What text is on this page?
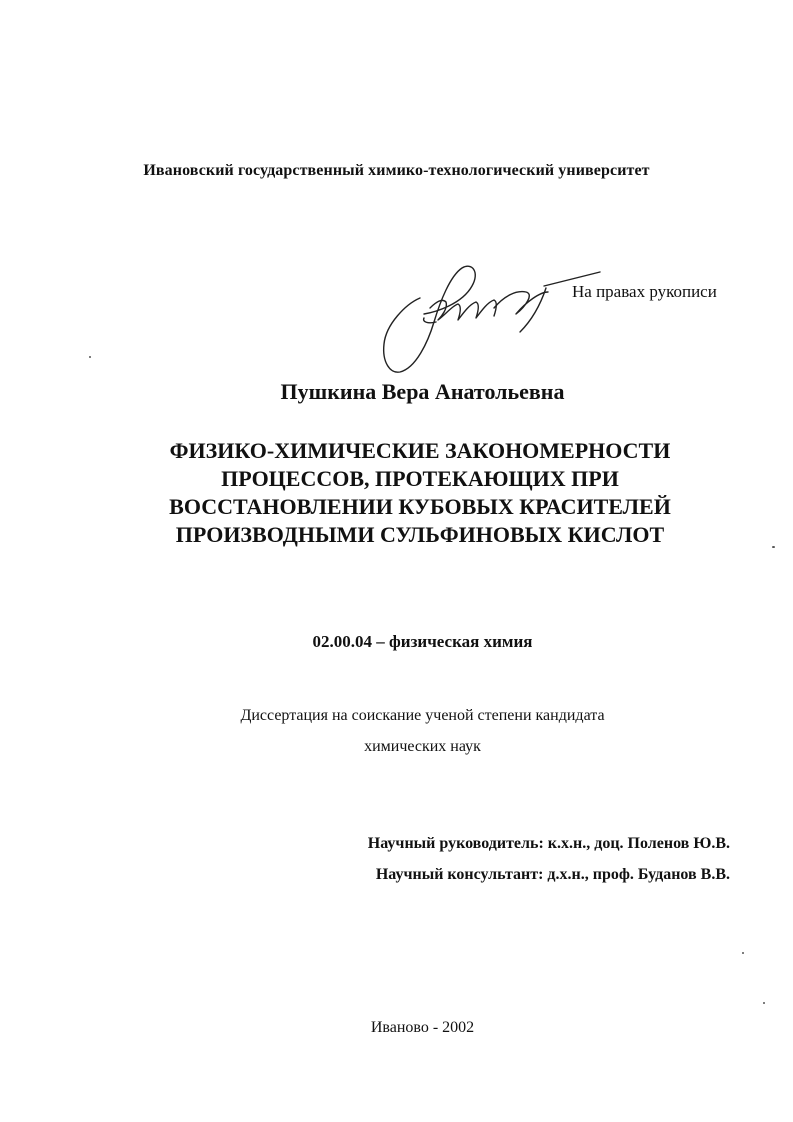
Ивановский государственный химико-технологический университет
На правах рукописи
Пушкина Вера Анатольевна
ФИЗИКО-ХИМИЧЕСКИЕ ЗАКОНОМЕРНОСТИ
ПРОЦЕССОВ, ПРОТЕКАЮЩИХ ПРИ
ВОССТАНОВЛЕНИИ КУБОВЫХ КРАСИТЕЛЕЙ
ПРОИЗВОДНЫМИ СУЛЬФИНОВЫХ КИСЛОТ
02.00.04 – физическая химия
Диссертация на соискание ученой степени кандидата
химических наук
Научный руководитель: к.х.н., доц. Поленов Ю.В.
Научный консультант: д.х.н., проф. Буданов В.В.
Иваново - 2002
